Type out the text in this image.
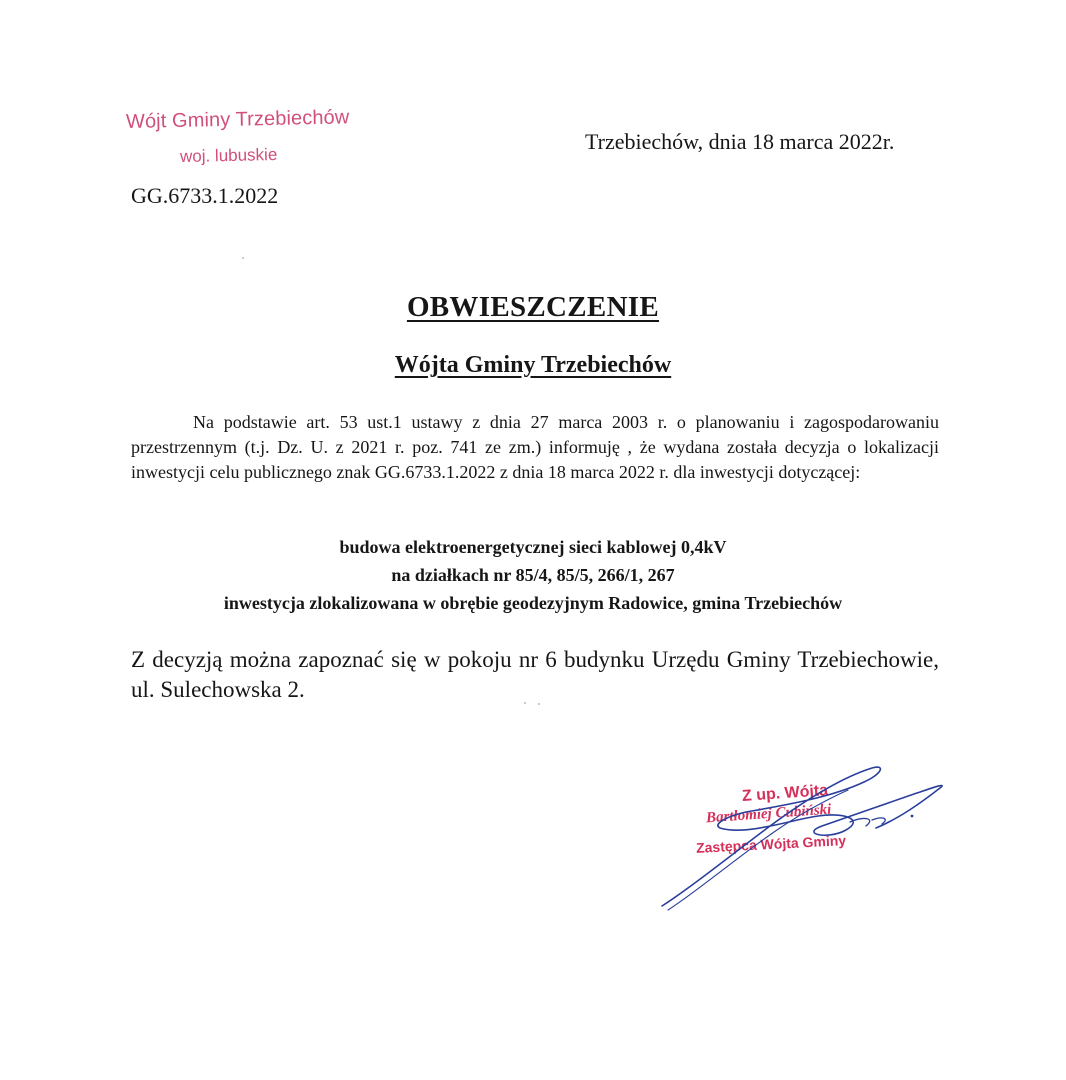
Wójt Gminy Trzebiechów
woj. lubuskie
Trzebiechów, dnia 18 marca 2022r.
GG.6733.1.2022
OBWIESZCZENIE
Wójta Gminy Trzebiechów

Na podstawie art. 53 ust.1 ustawy z dnia 27 marca 2003 r. o planowaniu i zagospodarowaniu przestrzennym (t.j. Dz. U. z 2021 r. poz. 741 ze zm.) informuję , że wydana została decyzja o lokalizacji inwestycji celu publicznego znak GG.6733.1.2022 z dnia 18 marca 2022 r. dla inwestycji dotyczącej:

budowa elektroenergetycznej sieci kablowej 0,4kV
na działkach nr 85/4, 85/5, 266/1, 267
inwestycja zlokalizowana w obrębie geodezyjnym Radowice, gmina Trzebiechów

Z decyzją można zapoznać się w pokoju nr 6 budynku Urzędu Gminy Trzebiechowie, ul. Sulechowska 2.

Z up. Wójta
Bartłomiej Cubiński
Zastępca Wójta Gminy
